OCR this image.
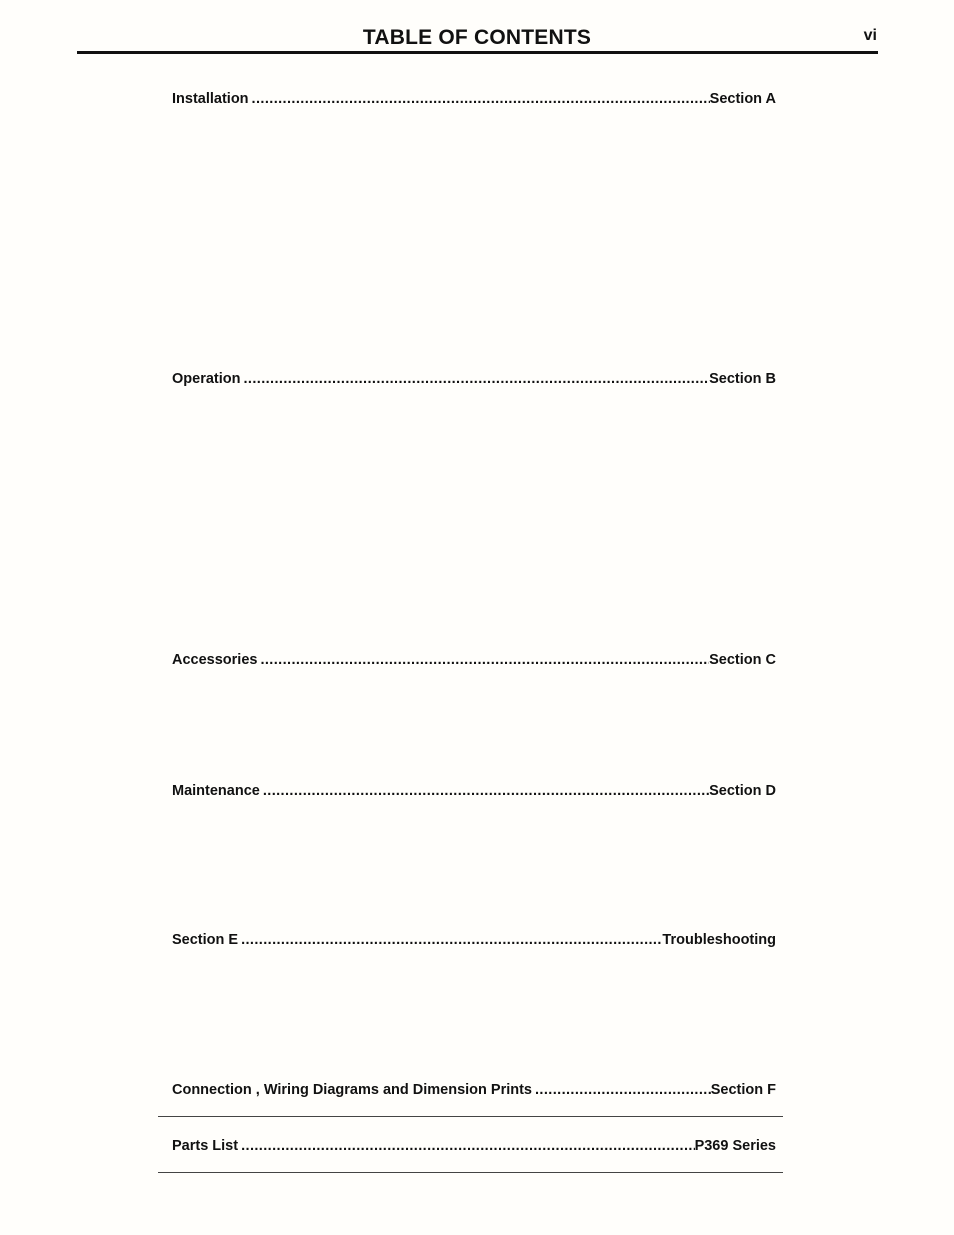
TABLE OF CONTENTS	vi
Installation .....	Section A
Operation .....	Section B
Accessories .....	Section C
Maintenance .....	Section D
Section E .....	Troubleshooting
Connection , Wiring Diagrams and Dimension Prints .....	Section F
Parts List .....	P369 Series
